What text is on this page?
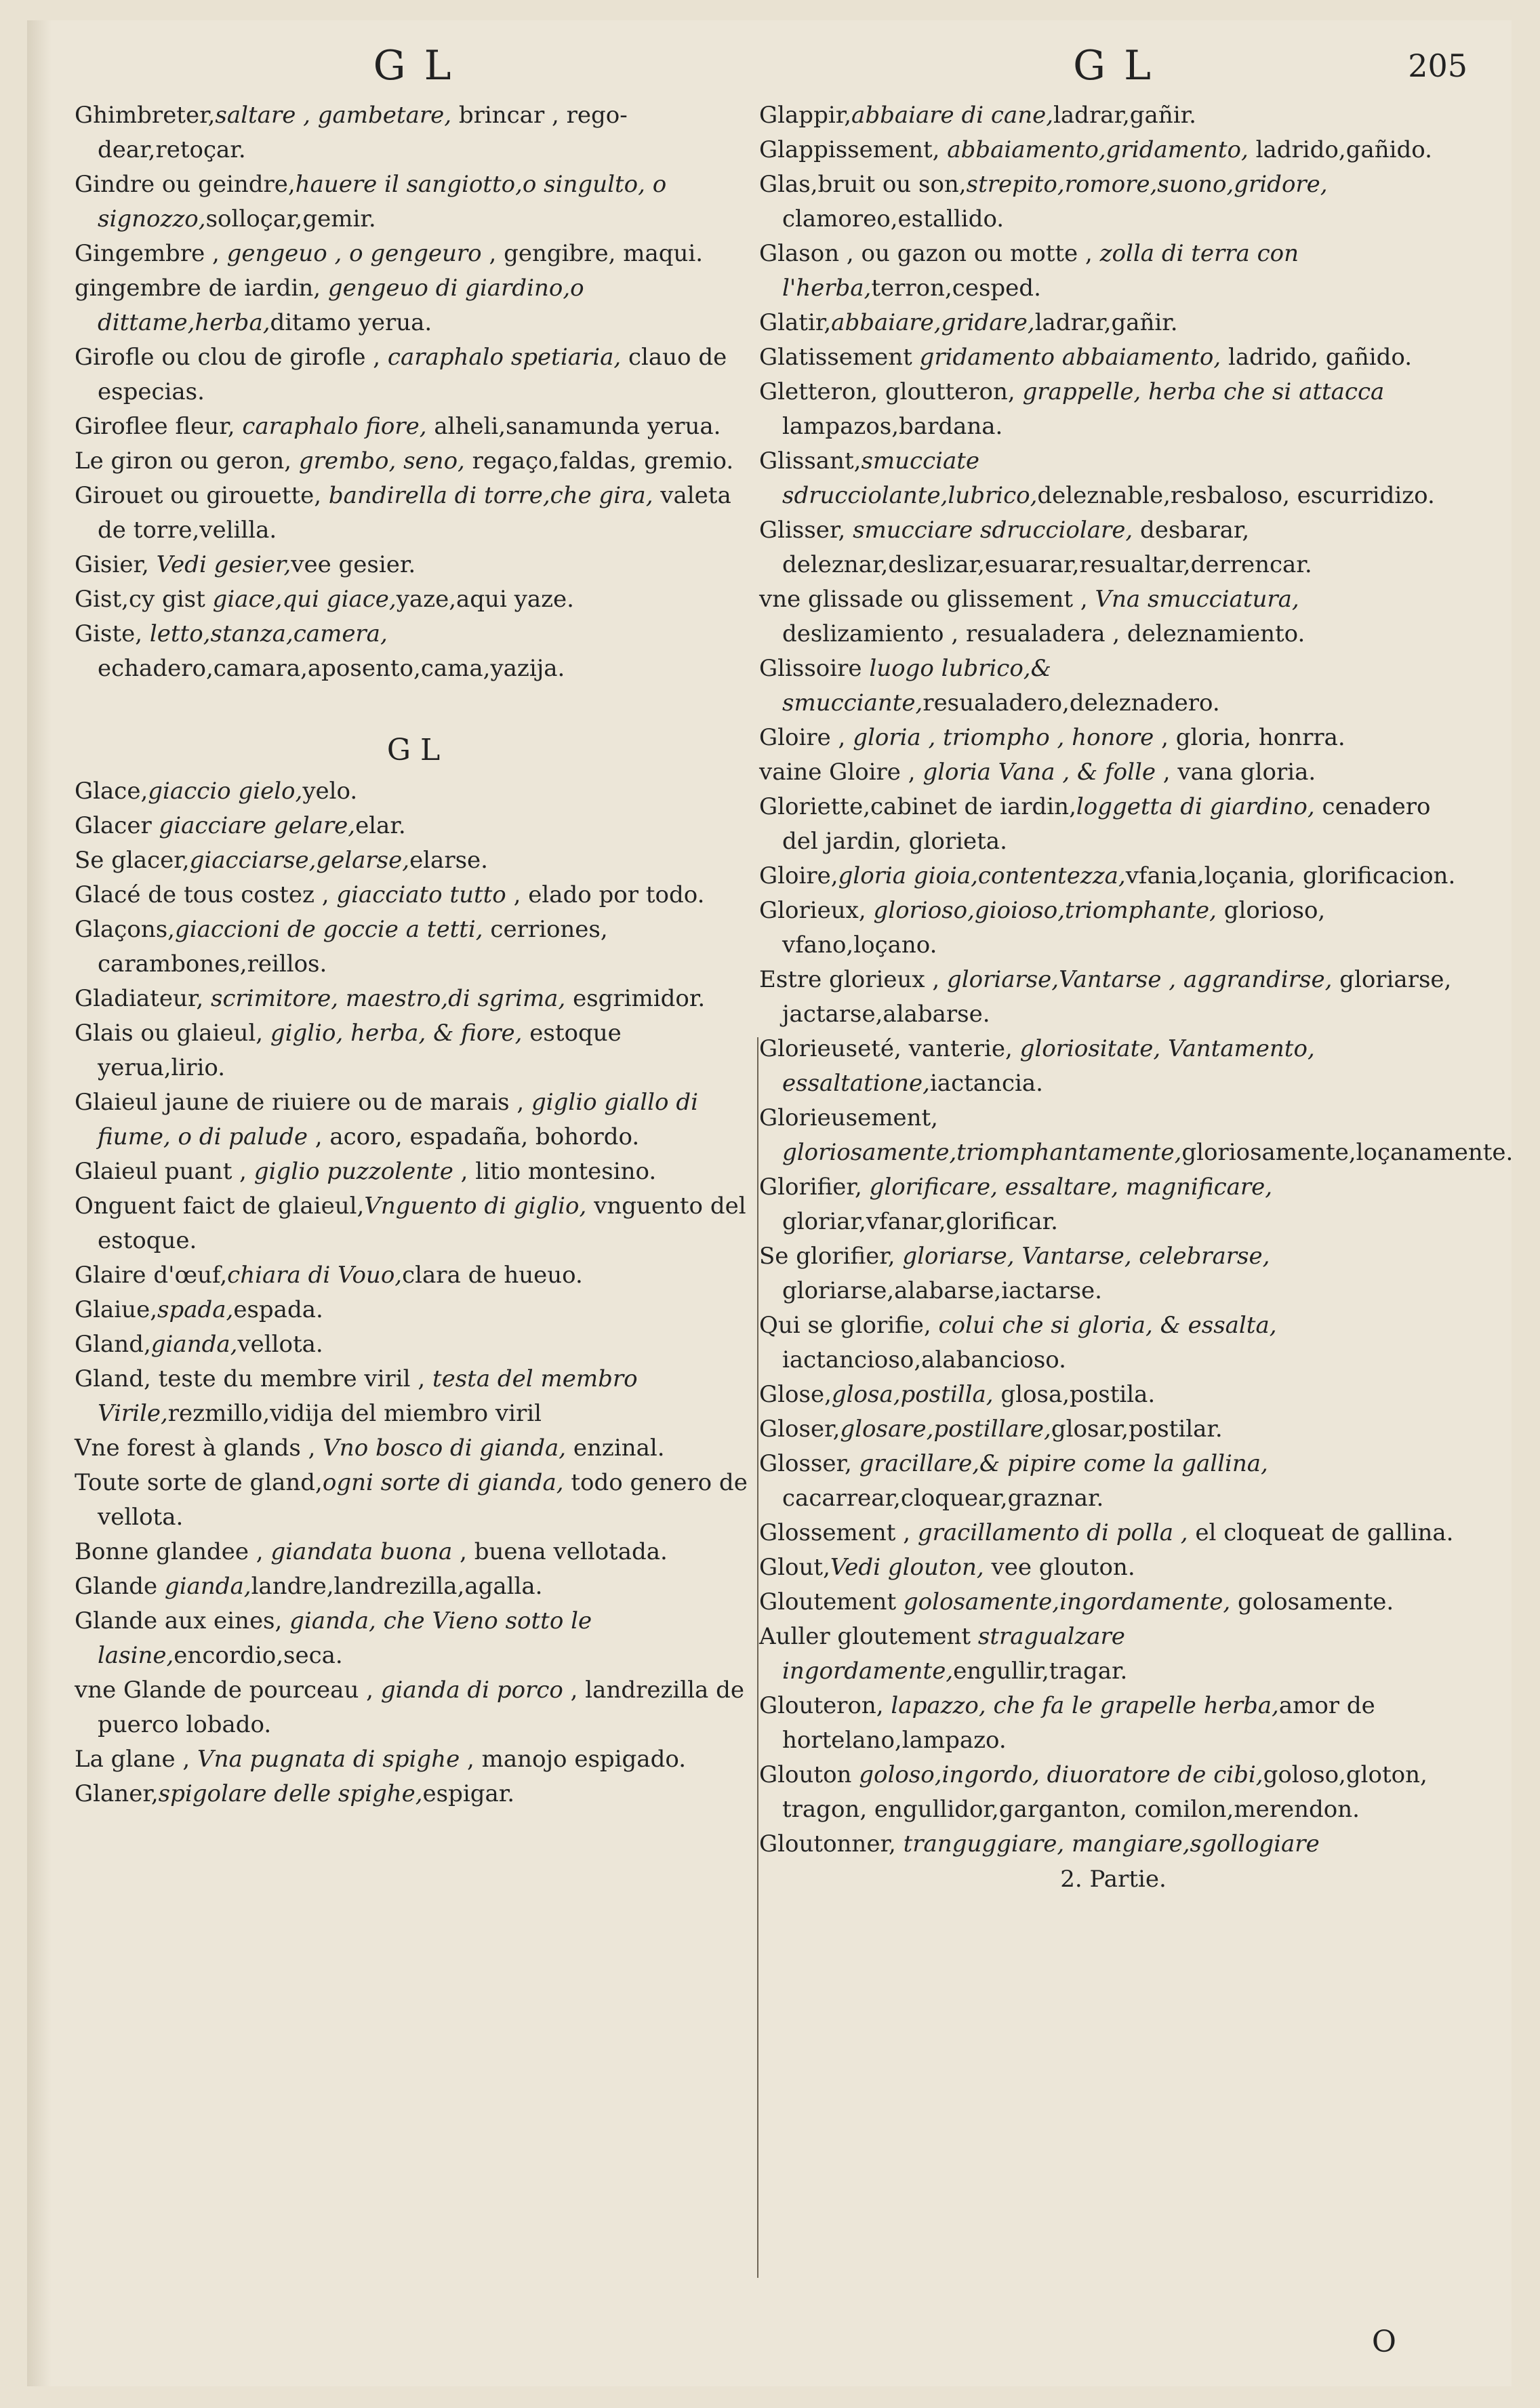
G L

Ghimbreter,saltare , gambetare, brincar , rego-dear,retoçar.

Gindre ou geindre,hauere il sangiotto,o singulto, o signozzo,solloçar,gemir.

Gingembre , gengeuo , o gengeuro , gengibre, maqui.

gingembre de iardin, gengeuo di giardino,o dittame,herba,ditamo yerua.

Girofle ou clou de girofle , caraphalo spetiaria, clauo de especias.

Giroflee fleur, caraphalo fiore, alheli,sanamunda yerua.

Le giron ou geron, grembo, seno, regaço,faldas, gremio.

Girouet ou girouette, bandirella di torre,che gira, valeta de torre,velilla.

Gisier, Vedi gesier,vee gesier.

Gist,cy gist giace,qui giace,yaze,aqui yaze.

Giste, letto,stanza,camera, echadero,camara,aposento,cama,yazija.

G L

Glace,giaccio gielo,yelo.

Glacer giacciare gelare,elar.

Se glacer,giacciarse,gelarse,elarse.

Glacé de tous costez , giacciato tutto , elado por todo.

Glaçons,giaccioni de goccie a tetti, cerriones, carambones,reillos.

Gladiateur, scrimitore, maestro,di sgrima, esgrimidor.

Glais ou glaieul, giglio, herba, & fiore, estoque yerua,lirio.

Glaieul jaune de riuiere ou de marais , giglio giallo di fiume, o di palude , acoro, espadaña, bohordo.

Glaieul puant , giglio puzzolente , litio montesino.

Onguent faict de glaieul,Vnguento di giglio, vnguento del estoque.

Glaire d'œuf,chiara di Vouo,clara de hueuo.

Glaiue,spada,espada.

Gland,gianda,vellota.

Gland, teste du membre viril , testa del membro Virile,rezmillo,vidija del miembro viril

Vne forest à glands , Vno bosco di gianda, enzinal.

Toute sorte de gland,ogni sorte di gianda, todo genero de vellota.

Bonne glandee , giandata buona , buena vellotada.

Glande gianda,landre,landrezilla,agalla.

Glande aux eines, gianda, che Vieno sotto le lasine,encordio,seca.

vne Glande de pourceau , gianda di porco , landrezilla de puerco lobado.

La glane , Vna pugnata di spighe , manojo espigado.

Glaner,spigolare delle spighe,espigar.

G L	205

Glappir,abbaiare di cane,ladrar,gañir.

Glappissement, abbaiamento,gridamento, ladrido,gañido.

Glas,bruit ou son,strepito,romore,suono,gridore, clamoreo,estallido.

Glason , ou gazon ou motte , zolla di terra con l'herba,terron,cesped.

Glatir,abbaiare,gridare,ladrar,gañir.

Glatissement gridamento abbaiamento, ladrido, gañido.

Gletteron, gloutteron, grappelle, herba che si attacca lampazos,bardana.

Glissant,smucciate sdrucciolante,lubrico,deleznable,resbaloso, escurridizo.

Glisser, smucciare sdrucciolare, desbarar, deleznar,deslizar,esuarar,resualtar,derrencar.

vne glissade ou glissement , Vna smucciatura, deslizamiento , resualadera , deleznamiento.

Glissoire luogo lubrico,& smucciante,resualadero,deleznadero.

Gloire , gloria , triompho , honore , gloria, honrra.

vaine Gloire , gloria Vana , & folle , vana gloria.

Gloriette,cabinet de iardin,loggetta di giardino, cenadero del jardin, glorieta.

Gloire,gloria gioia,contentezza,vfania,loçania, glorificacion.

Glorieux, glorioso,gioioso,triomphante, glorioso, vfano,loçano.

Estre glorieux , gloriarse,Vantarse , aggrandirse, gloriarse, jactarse,alabarse.

Glorieuseté, vanterie, gloriositate, Vantamento, essaltatione,iactancia.

Glorieusement, gloriosamente,triomphantamente,gloriosamente,loçanamente.

Glorifier, glorificare, essaltare, magnificare, gloriar,vfanar,glorificar.

Se glorifier, gloriarse, Vantarse, celebrarse, gloriarse,alabarse,iactarse.

Qui se glorifie, colui che si gloria, & essalta, iactancioso,alabancioso.

Glose,glosa,postilla, glosa,postila.

Gloser,glosare,postillare,glosar,postilar.

Glosser, gracillare,& pipire come la gallina, cacarrear,cloquear,graznar.

Glossement , gracillamento di polla , el cloqueat de gallina.

Glout,Vedi glouton, vee glouton.

Gloutement golosamente,ingordamente, golosamente.

Auller gloutement stragualzare ingordamente,engullir,tragar.

Glouteron, lapazzo, che fa le grapelle herba,amor de hortelano,lampazo.

Glouton goloso,ingordo, diuoratore de cibi,goloso,gloton, tragon, engullidor,garganton, comilon,merendon.

Gloutonner, tranguggiare, mangiare,sgollogiare

2. Partie.
O
